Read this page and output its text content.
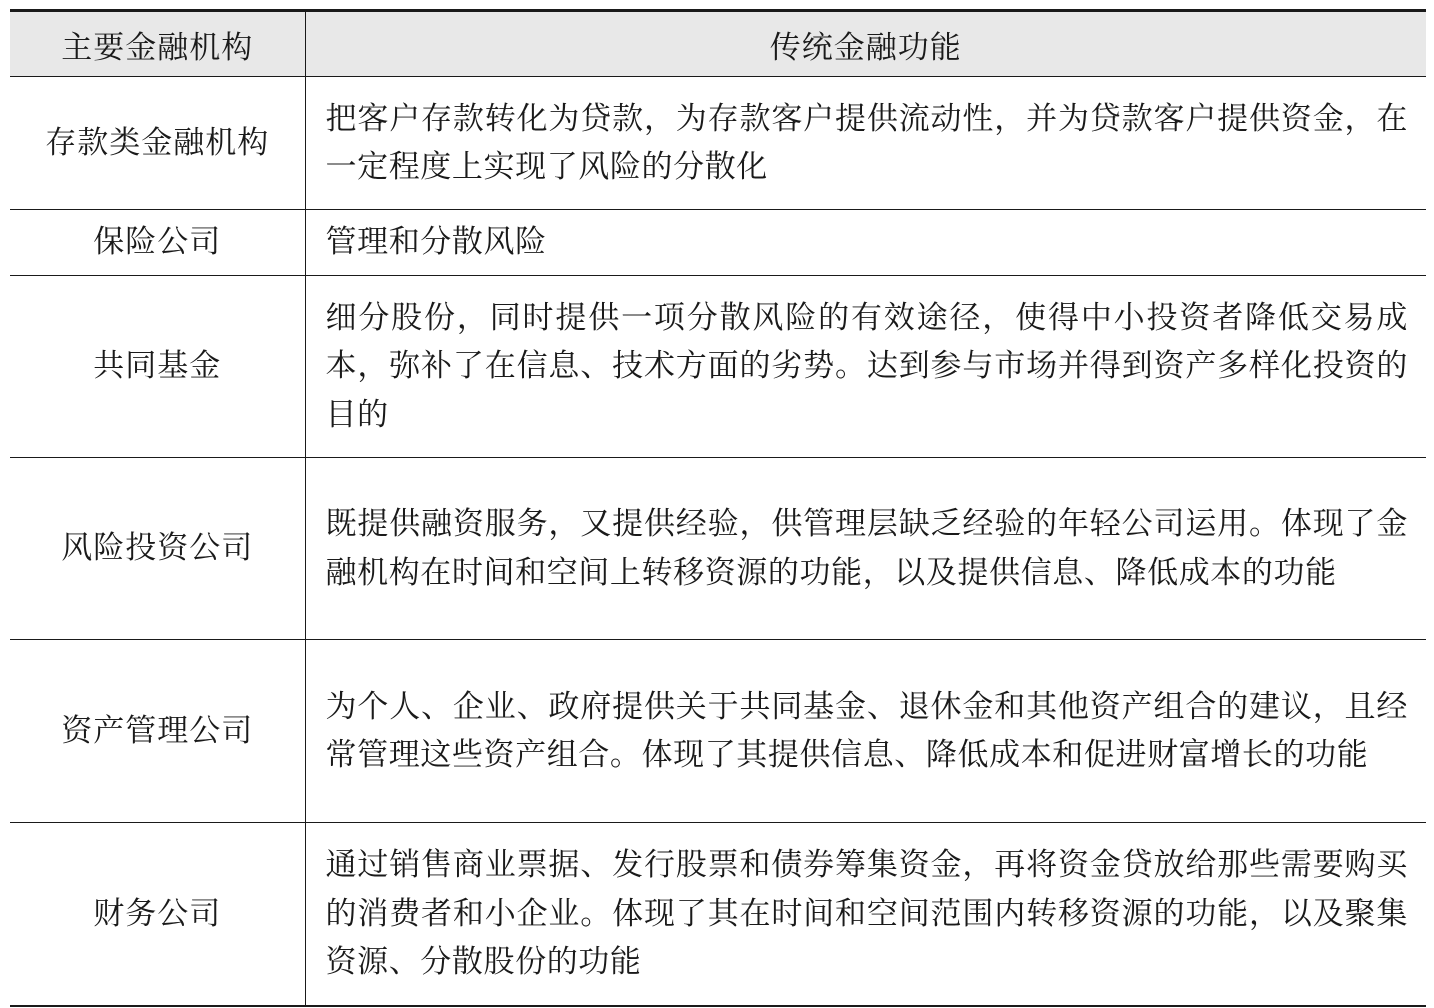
主要金融机构	传统金融功能
存款类金融机构	把客户存款转化为贷款，为存款客户提供流动性，并为贷款客户提供资金，在一定程度上实现了风险的分散化
保险公司	管理和分散风险
共同基金	细分股份，同时提供一项分散风险的有效途径，使得中小投资者降低交易成本，弥补了在信息、技术方面的劣势。达到参与市场并得到资产多样化投资的目的
风险投资公司	既提供融资服务，又提供经验，供管理层缺乏经验的年轻公司运用。体现了金融机构在时间和空间上转移资源的功能，以及提供信息、降低成本的功能
资产管理公司	为个人、企业、政府提供关于共同基金、退休金和其他资产组合的建议，且经常管理这些资产组合。体现了其提供信息、降低成本和促进财富增长的功能
财务公司	通过销售商业票据、发行股票和债券筹集资金，再将资金贷放给那些需要购买的消费者和小企业。体现了其在时间和空间范围内转移资源的功能，以及聚集资源、分散股份的功能
